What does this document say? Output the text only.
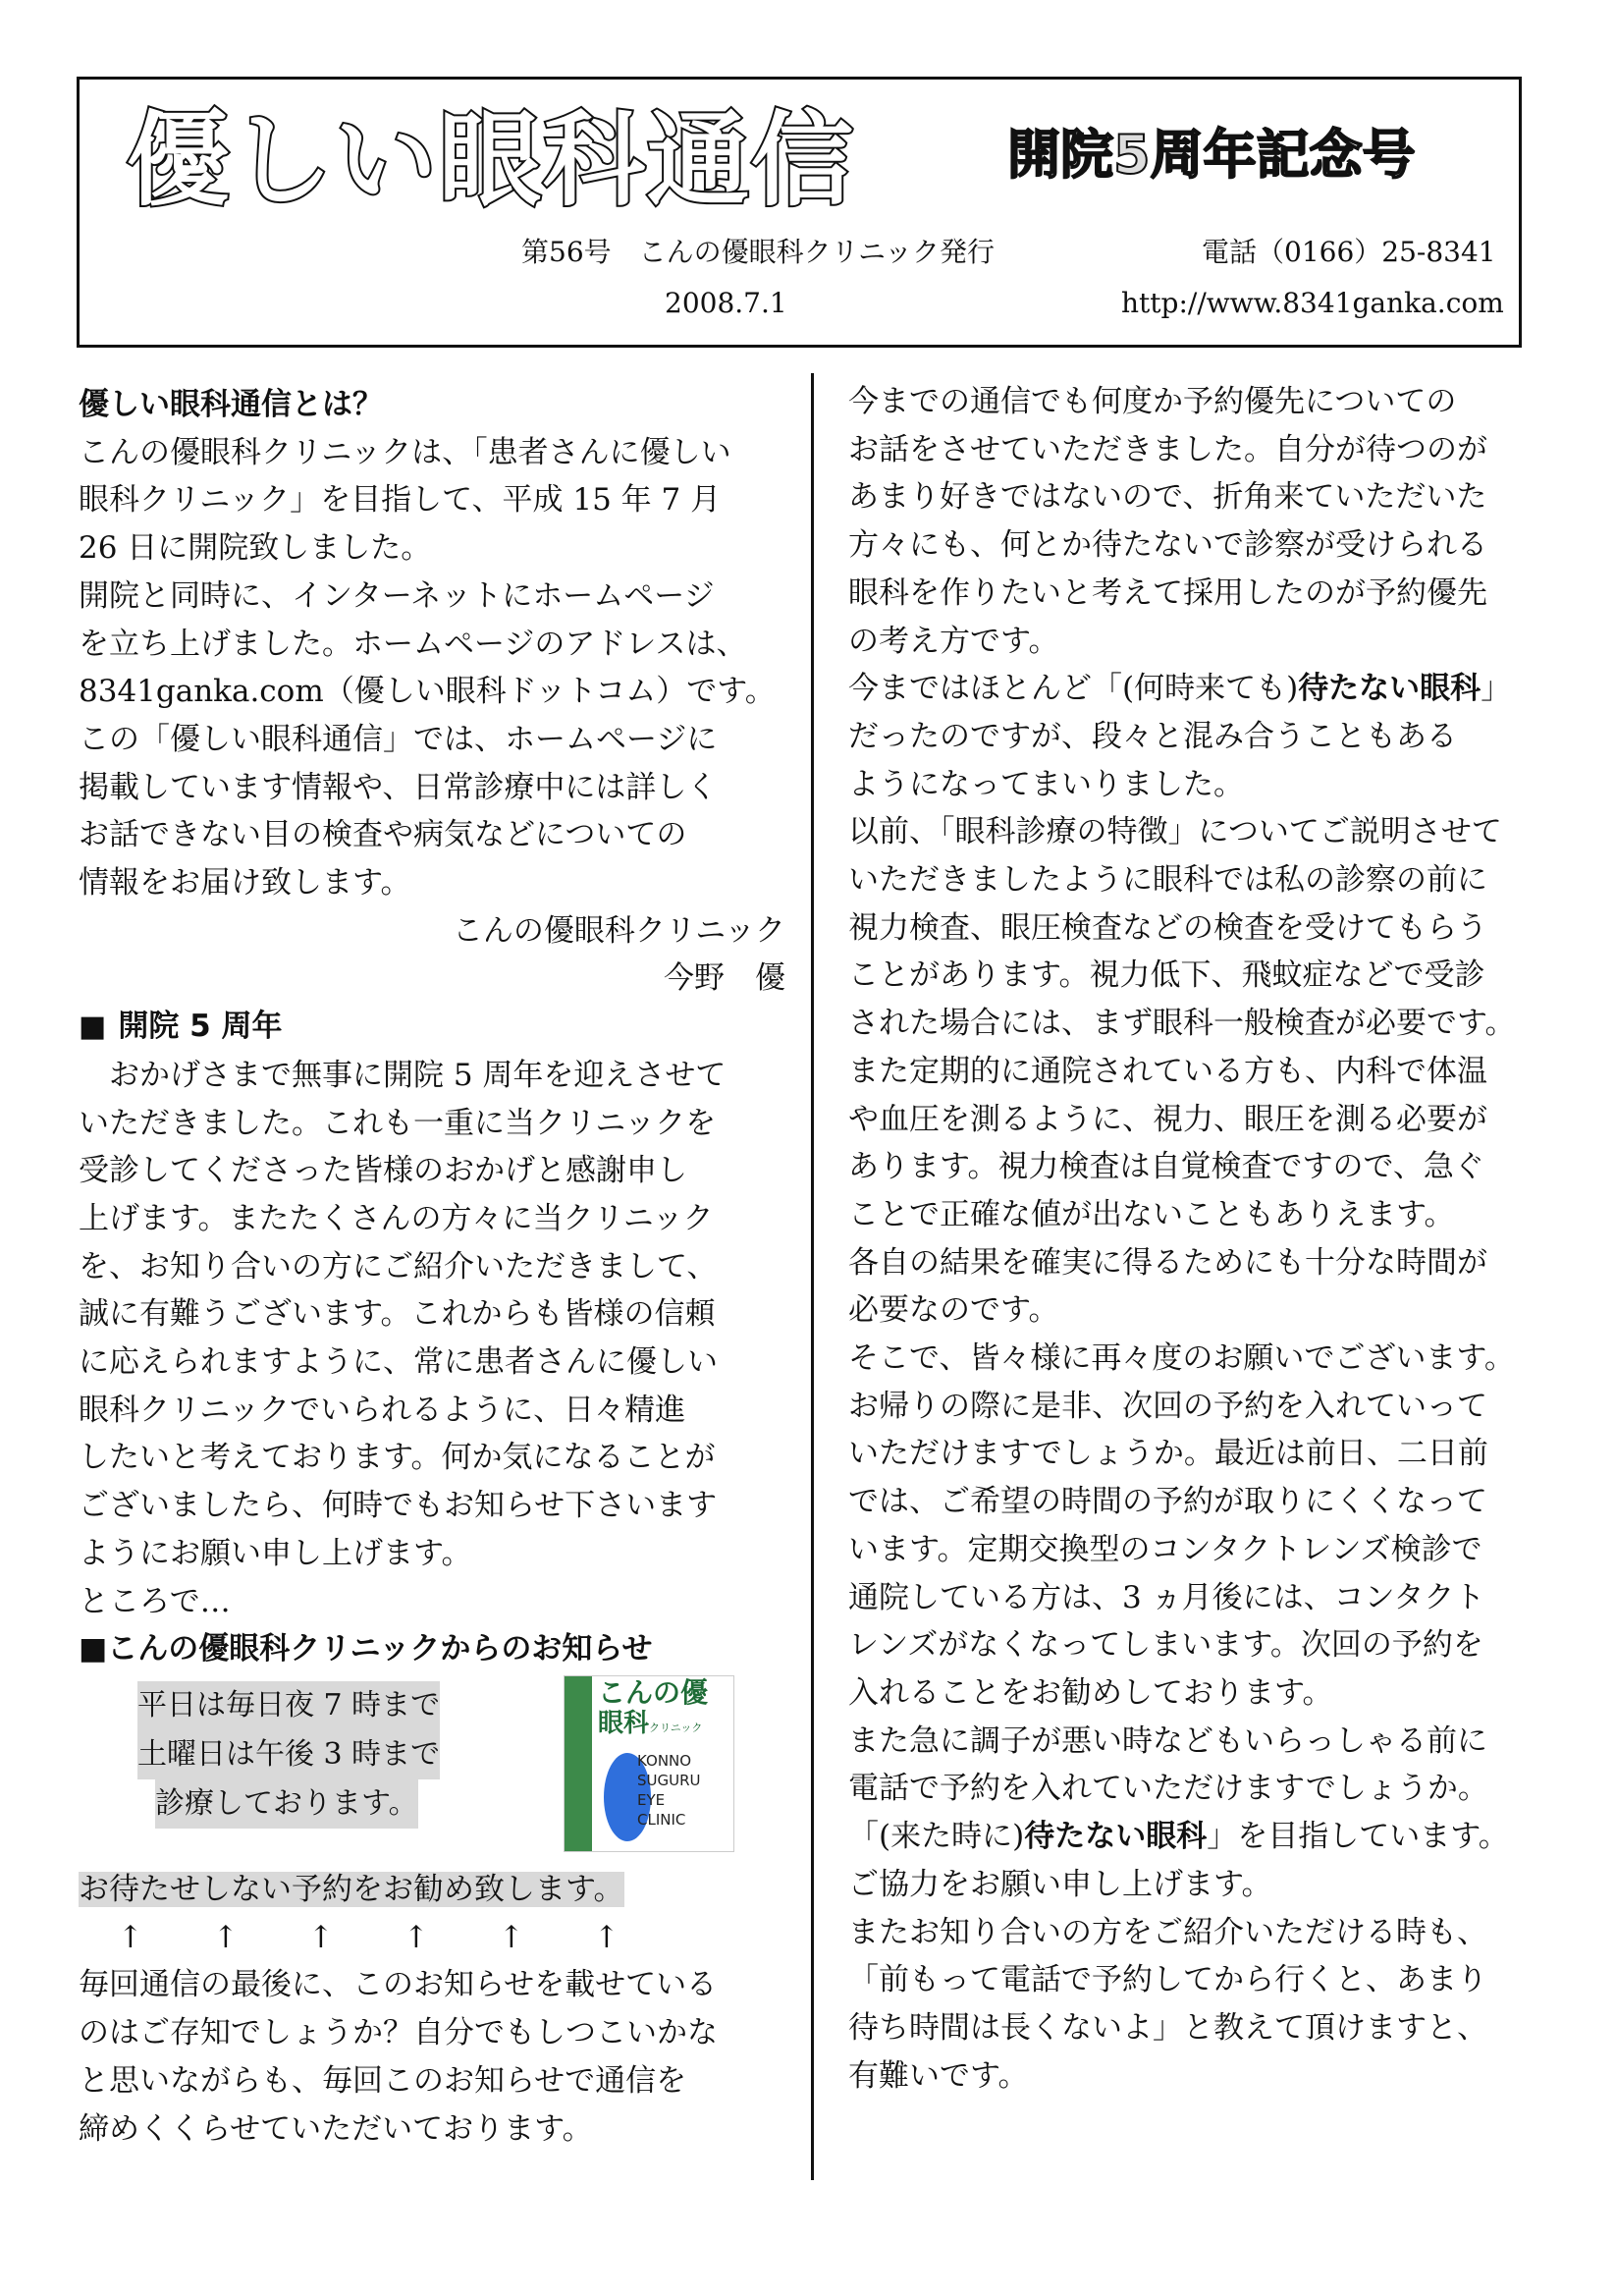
優しい眼科通信	開院5周年記念号
第56号　こんの優眼科クリニック発行	電話（0166）25-8341
2008.7.1	http://www.8341ganka.com

優しい眼科通信とは？

こんの優眼科クリニックは、「患者さんに優しい

眼科クリニック」を目指して、平成 15 年 7 月

26 日に開院致しました。

開院と同時に、インターネットにホームページ

を立ち上げました。ホームページのアドレスは、

8341ganka.com（優しい眼科ドットコム）です。

この「優しい眼科通信」では、ホームページに

掲載しています情報や、日常診療中には詳しく

お話できない目の検査や病気などについての

情報をお届け致します。

こんの優眼科クリニック

今野　優

■ 開院 5 周年

　おかげさまで無事に開院 5 周年を迎えさせて

いただきました。これも一重に当クリニックを

受診してくださった皆様のおかげと感謝申し

上げます。またたくさんの方々に当クリニック

を、お知り合いの方にご紹介いただきまして、

誠に有難うございます。これからも皆様の信頼

に応えられますように、常に患者さんに優しい

眼科クリニックでいられるように、日々精進

したいと考えております。何か気になることが

ございましたら、何時でもお知らせ下さいます

ようにお願い申し上げます。

ところで…

■こんの優眼科クリニックからのお知らせ

平日は毎日夜 7 時まで
土曜日は午後 3 時まで
診療しております。
こんの優
眼科クリニック
KONNO
SUGURU
EYE
CLINIC

お待たせしない予約をお勧め致します。

↑	↑	↑	↑	↑	↑

毎回通信の最後に、このお知らせを載せている

のはご存知でしょうか？自分でもしつこいかな

と思いながらも、毎回このお知らせで通信を

締めくくらせていただいております。

今までの通信でも何度か予約優先についての

お話をさせていただきました。自分が待つのが

あまり好きではないので、折角来ていただいた

方々にも、何とか待たないで診察が受けられる

眼科を作りたいと考えて採用したのが予約優先

の考え方です。

今まではほとんど「(何時来ても)待たない眼科」

だったのですが、段々と混み合うこともある

ようになってまいりました。

以前、「眼科診療の特徴」についてご説明させて

いただきましたように眼科では私の診察の前に

視力検査、眼圧検査などの検査を受けてもらう

ことがあります。視力低下、飛蚊症などで受診

された場合には、まず眼科一般検査が必要です。

また定期的に通院されている方も、内科で体温

や血圧を測るように、視力、眼圧を測る必要が

あります。視力検査は自覚検査ですので、急ぐ

ことで正確な値が出ないこともありえます。

各自の結果を確実に得るためにも十分な時間が

必要なのです。

そこで、皆々様に再々度のお願いでございます。

お帰りの際に是非、次回の予約を入れていって

いただけますでしょうか。最近は前日、二日前

では、ご希望の時間の予約が取りにくくなって

います。定期交換型のコンタクトレンズ検診で

通院している方は、3 ヵ月後には、コンタクト

レンズがなくなってしまいます。次回の予約を

入れることをお勧めしております。

また急に調子が悪い時などもいらっしゃる前に

電話で予約を入れていただけますでしょうか。

「(来た時に)待たない眼科」を目指しています。

ご協力をお願い申し上げます。

またお知り合いの方をご紹介いただける時も、

「前もって電話で予約してから行くと、あまり

待ち時間は長くないよ」と教えて頂けますと、

有難いです。
